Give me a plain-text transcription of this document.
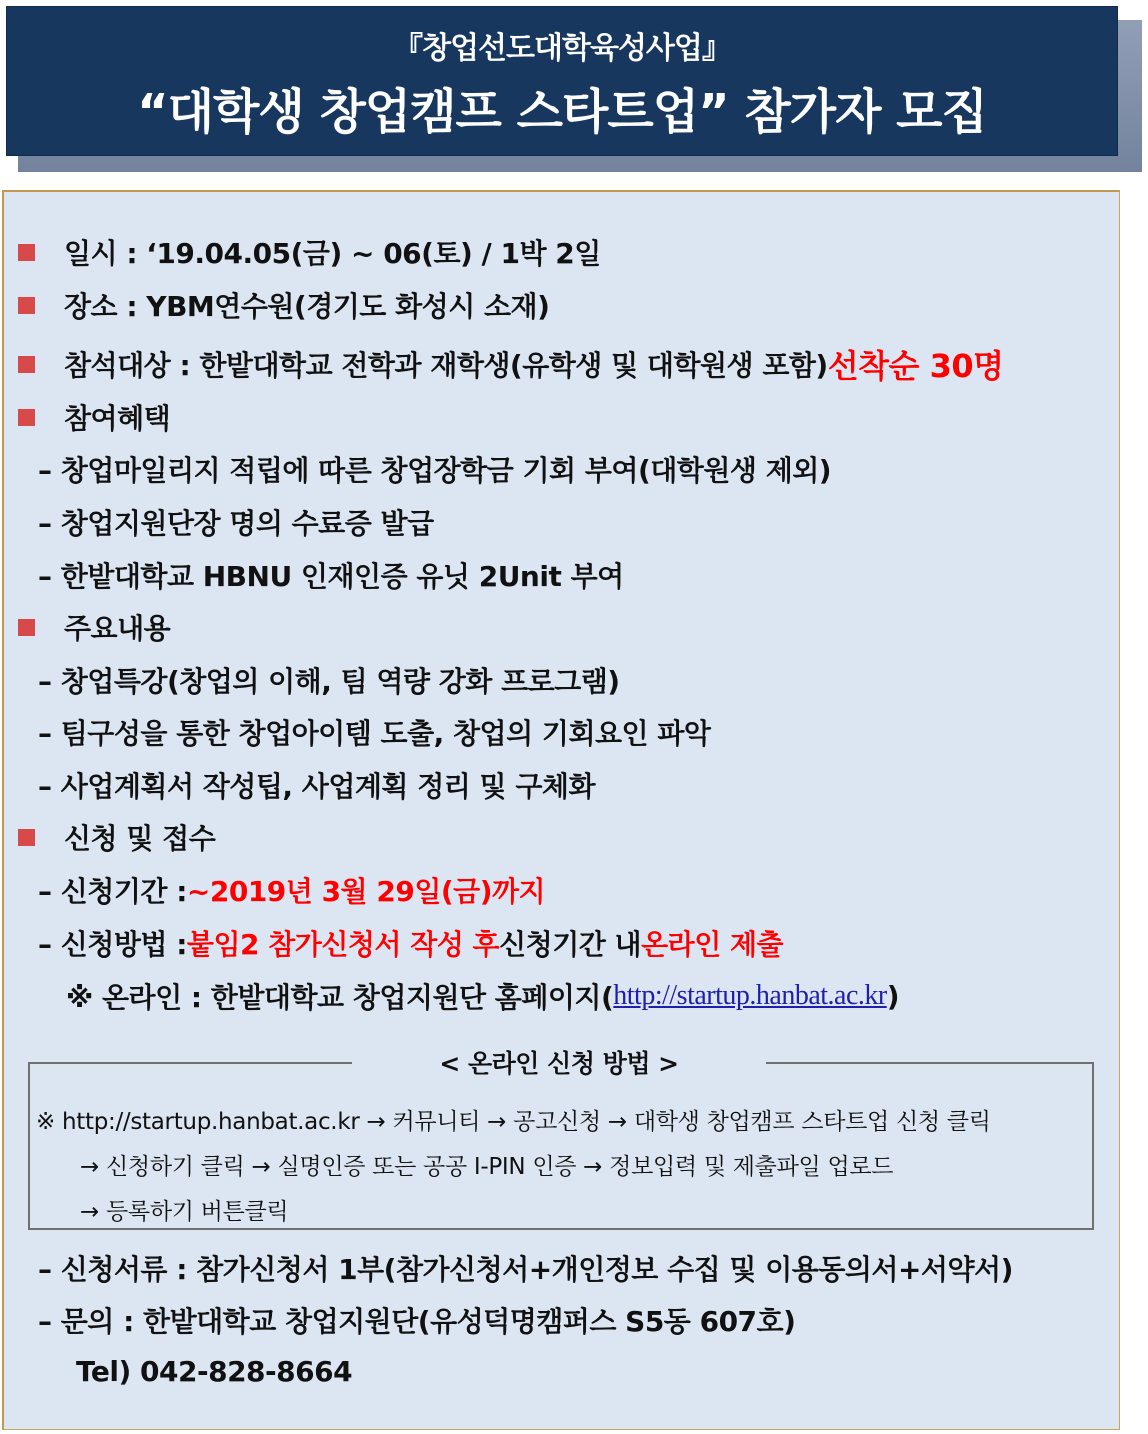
『창업선도대학육성사업』
“대학생 창업캠프 스타트업” 참가자 모집
일시 : ‘19.04.05(금) ~ 06(토) / 1박 2일
장소 : YBM연수원(경기도 화성시 소재)
참석대상 : 한밭대학교 전학과 재학생(유학생 및 대학원생 포함) 선착순 30명
참여혜택
– 창업마일리지 적립에 따른 창업장학금 기회 부여(대학원생 제외)
– 창업지원단장 명의 수료증 발급
– 한밭대학교 HBNU 인재인증 유닛 2Unit 부여
주요내용
– 창업특강(창업의 이해, 팀 역량 강화 프로그램)
– 팀구성을 통한 창업아이템 도출, 창업의 기회요인 파악
– 사업계획서 작성팁, 사업계획 정리 및 구체화
신청 및 접수
– 신청기간 : ~2019년 3월 29일(금)까지
– 신청방법 : 붙임2 참가신청서 작성 후 신청기간 내 온라인 제출
※ 온라인 : 한밭대학교 창업지원단 홈페이지( http://startup.hanbat.ac.kr )
< 온라인 신청 방법 >
※ http://startup.hanbat.ac.kr → 커뮤니티 → 공고신청 → 대학생 창업캠프 스타트업 신청 클릭
→ 신청하기 클릭 → 실명인증 또는 공공 I-PIN 인증 → 정보입력 및 제출파일 업로드
→ 등록하기 버튼클릭
– 신청서류 : 참가신청서 1부(참가신청서+개인정보 수집 및 이용동의서+서약서)
– 문의 : 한밭대학교 창업지원단(유성덕명캠퍼스 S5동 607호)
Tel) 042-828-8664
